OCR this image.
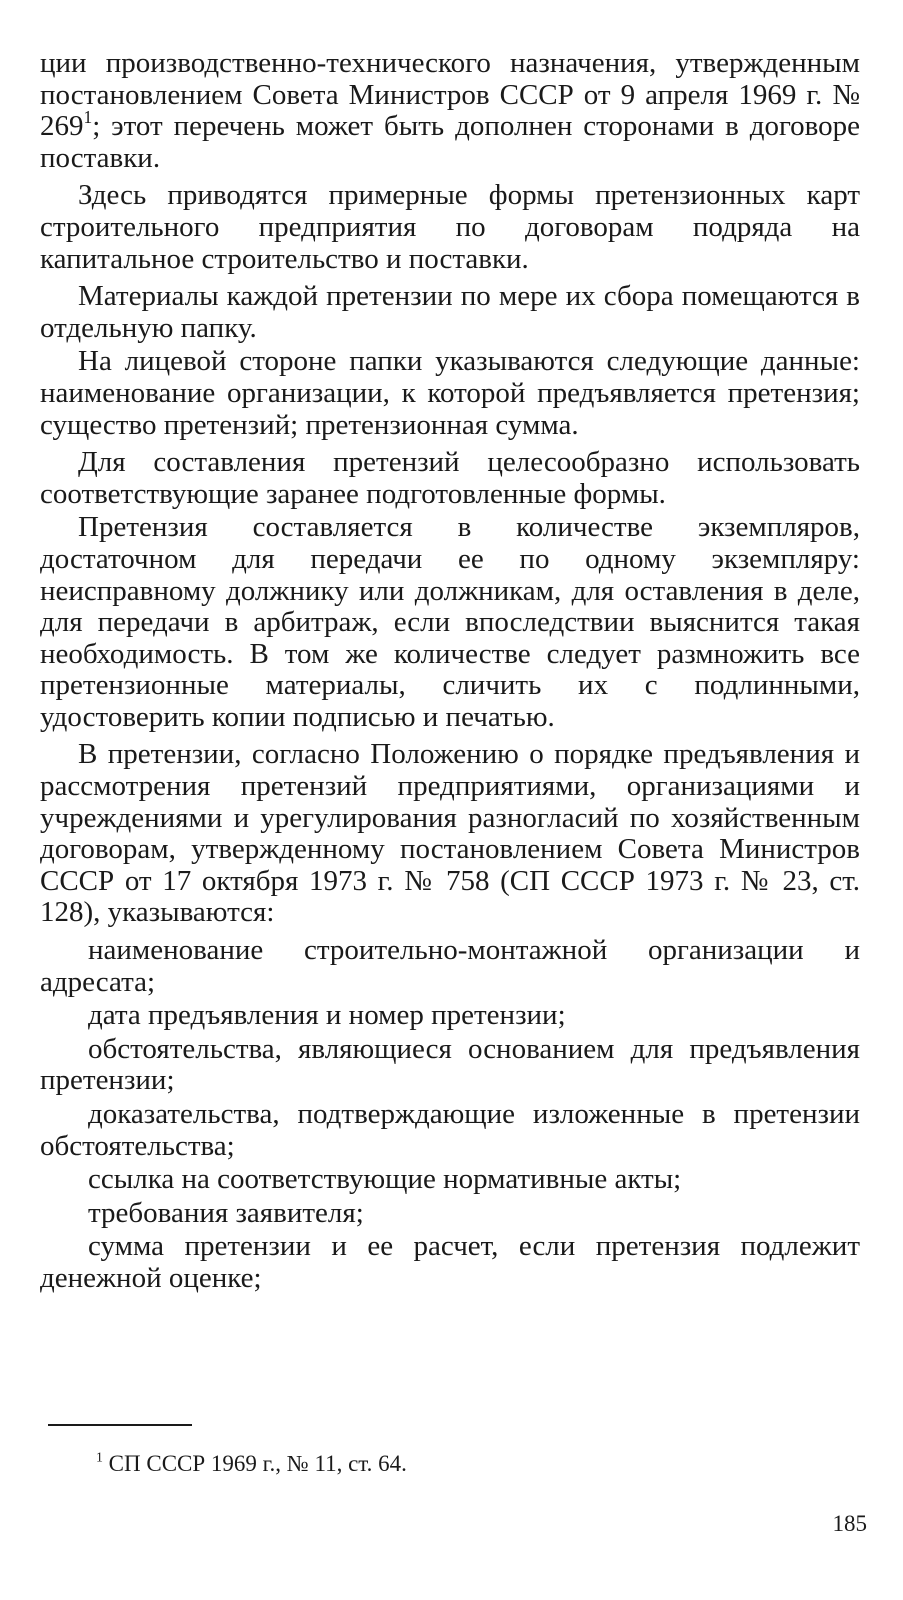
ции производственно-технического назначения, утвержденным постановлением Совета Министров СССР от 9 апреля 1969 г. № $269^1$; этот перечень может быть дополнен сторонами в договоре поставки.

Здесь приводятся примерные формы претензионных карт строительного предприятия по договорам подряда на капитальное строительство и поставки.

Материалы каждой претензии по мере их сбора помещаются в отдельную папку.

На лицевой стороне папки указываются следующие данные: наименование организации, к которой предъявляется претензия; существо претензий; претензионная сумма.

Для составления претензий целесообразно использовать соответствующие заранее подготовленные формы.

Претензия составляется в количестве экземпляров, достаточном для передачи ее по одному экземпляру: неисправному должнику или должникам, для оставления в деле, для передачи в арбитраж, если впоследствии выяснится такая необходимость. В том же количестве следует размножить все претензионные материалы, сличить их с подлинными, удостоверить копии подписью и печатью.

В претензии, согласно Положению о порядке предъявления и рассмотрения претензий предприятиями, организациями и учреждениями и урегулирования разногласий по хозяйственным договорам, утвержденному постановлением Совета Министров СССР от 17 октября 1973 г. № 758 (СП СССР 1973 г. № 23, ст. 128), указываются:

наименование строительно-монтажной организации и адресата;

дата предъявления и номер претензии;

обстоятельства, являющиеся основанием для предъявления претензии;

доказательства, подтверждающие изложенные в претензии обстоятельства;

ссылка на соответствующие нормативные акты;

требования заявителя;

сумма претензии и ее расчет, если претензия подлежит денежной оценке;

$^1$ СП СССР 1969 г., № 11, ст. 64.
185
